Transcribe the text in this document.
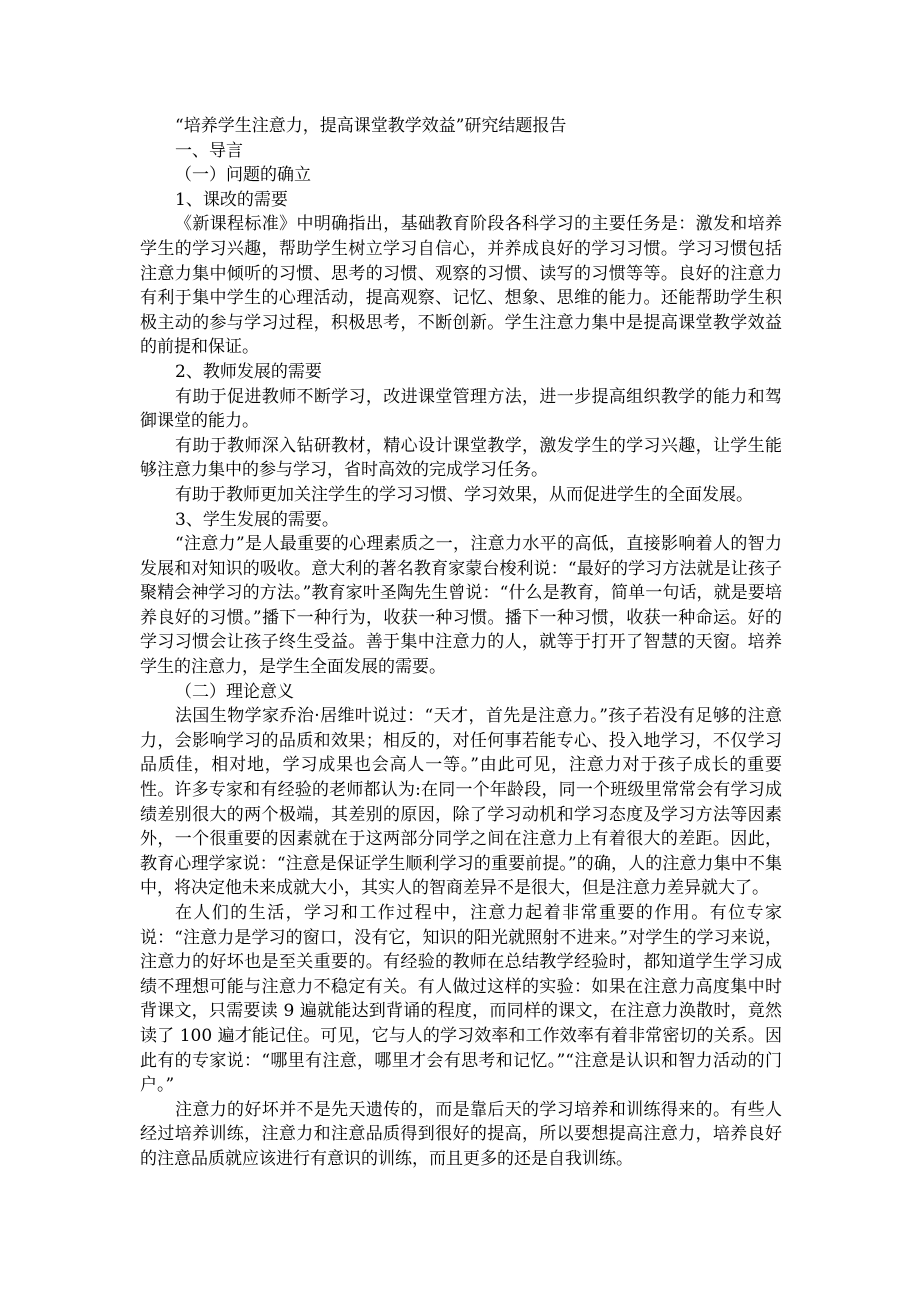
“培养学生注意力，提高课堂教学效益”研究结题报告

一、导言

（一）问题的确立

1、课改的需要

《新课程标准》中明确指出，基础教育阶段各科学习的主要任务是：激发和培养学生的学习兴趣，帮助学生树立学习自信心，并养成良好的学习习惯。学习习惯包括注意力集中倾听的习惯、思考的习惯、观察的习惯、读写的习惯等等。良好的注意力有利于集中学生的心理活动，提高观察、记忆、想象、思维的能力。还能帮助学生积极主动的参与学习过程，积极思考，不断创新。学生注意力集中是提高课堂教学效益的前提和保证。

2、教师发展的需要

有助于促进教师不断学习，改进课堂管理方法，进一步提高组织教学的能力和驾御课堂的能力。

有助于教师深入钻研教材，精心设计课堂教学，激发学生的学习兴趣，让学生能够注意力集中的参与学习，省时高效的完成学习任务。

有助于教师更加关注学生的学习习惯、学习效果，从而促进学生的全面发展。

3、学生发展的需要。

“注意力”是人最重要的心理素质之一，注意力水平的高低，直接影响着人的智力发展和对知识的吸收。意大利的著名教育家蒙台梭利说：“最好的学习方法就是让孩子聚精会神学习的方法。”教育家叶圣陶先生曾说：“什么是教育，简单一句话，就是要培养良好的习惯。”播下一种行为，收获一种习惯。播下一种习惯，收获一种命运。好的学习习惯会让孩子终生受益。善于集中注意力的人，就等于打开了智慧的天窗。培养学生的注意力，是学生全面发展的需要。

（二）理论意义

法国生物学家乔治·居维叶说过：“天才，首先是注意力。”孩子若没有足够的注意力，会影响学习的品质和效果；相反的，对任何事若能专心、投入地学习，不仅学习品质佳，相对地，学习成果也会高人一等。”由此可见，注意力对于孩子成长的重要性。许多专家和有经验的老师都认为:在同一个年龄段，同一个班级里常常会有学习成绩差别很大的两个极端，其差别的原因，除了学习动机和学习态度及学习方法等因素外，一个很重要的因素就在于这两部分同学之间在注意力上有着很大的差距。因此，教育心理学家说：“注意是保证学生顺利学习的重要前提。”的确，人的注意力集中不集中，将决定他未来成就大小，其实人的智商差异不是很大，但是注意力差异就大了。

在人们的生活，学习和工作过程中，注意力起着非常重要的作用。有位专家说：“注意力是学习的窗口，没有它，知识的阳光就照射不进来。”对学生的学习来说，注意力的好坏也是至关重要的。有经验的教师在总结教学经验时，都知道学生学习成绩不理想可能与注意力不稳定有关。有人做过这样的实验：如果在注意力高度集中时背课文，只需要读 9 遍就能达到背诵的程度，而同样的课文，在注意力涣散时，竟然读了 100 遍才能记住。可见，它与人的学习效率和工作效率有着非常密切的关系。因此有的专家说：“哪里有注意，哪里才会有思考和记忆。”“注意是认识和智力活动的门户。”

注意力的好坏并不是先天遗传的，而是靠后天的学习培养和训练得来的。有些人经过培养训练，注意力和注意品质得到很好的提高，所以要想提高注意力，培养良好的注意品质就应该进行有意识的训练，而且更多的还是自我训练。
